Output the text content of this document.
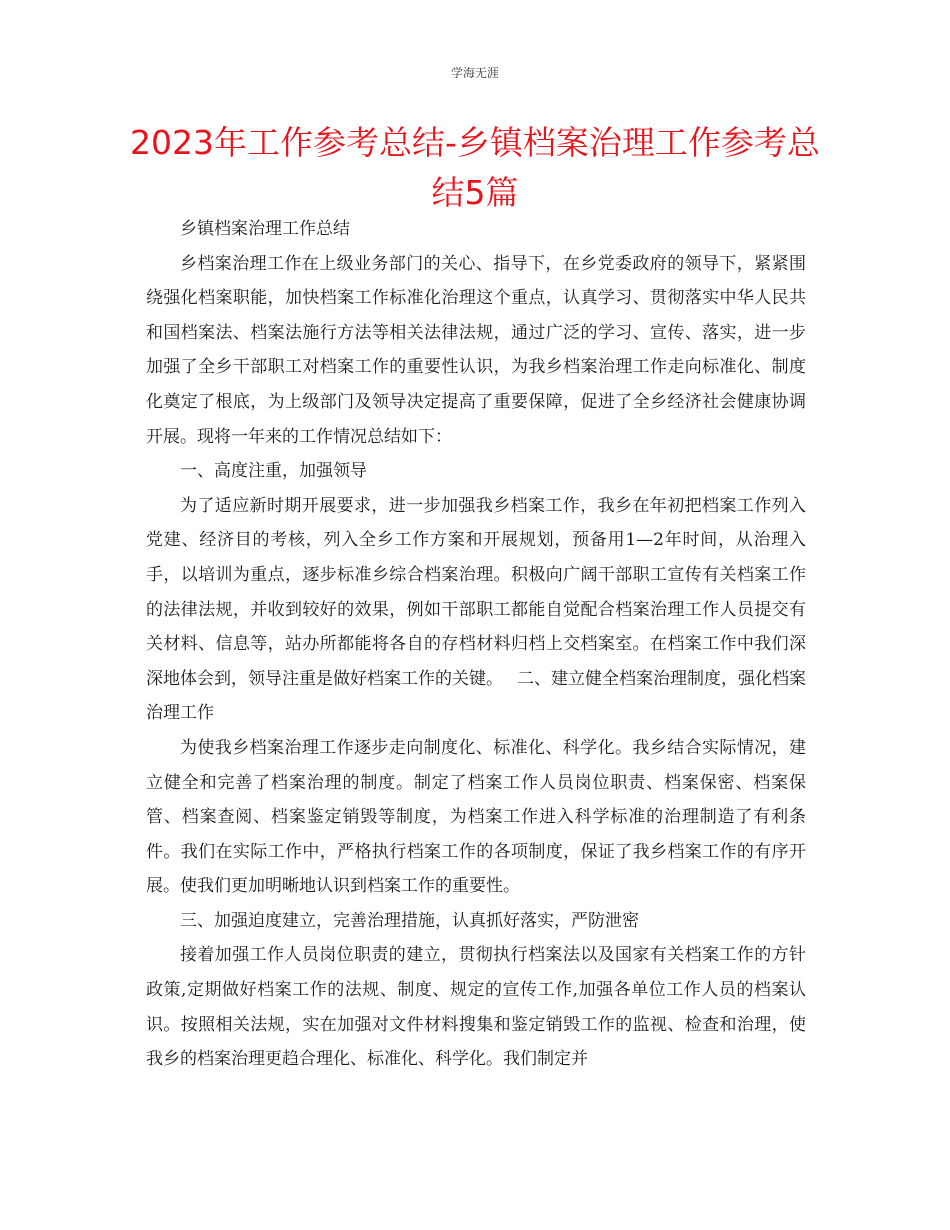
学海无涯
2023年工作参考总结-乡镇档案治理工作参考总结5篇

乡镇档案治理工作总结

乡档案治理工作在上级业务部门的关心、指导下，在乡党委政府的领导下，紧紧围绕强化档案职能，加快档案工作标准化治理这个重点，认真学习、贯彻落实中华人民共和国档案法、档案法施行方法等相关法律法规，通过广泛的学习、宣传、落实，进一步加强了全乡干部职工对档案工作的重要性认识，为我乡档案治理工作走向标准化、制度化奠定了根底，为上级部门及领导决定提高了重要保障，促进了全乡经济社会健康协调开展。现将一年来的工作情况总结如下：

一、高度注重，加强领导

为了适应新时期开展要求，进一步加强我乡档案工作，我乡在年初把档案工作列入党建、经济目的考核，列入全乡工作方案和开展规划，预备用1—2年时间，从治理入手，以培训为重点，逐步标准乡综合档案治理。积极向广阔干部职工宣传有关档案工作的法律法规，并收到较好的效果，例如干部职工都能自觉配合档案治理工作人员提交有关材料、信息等，站办所都能将各自的存档材料归档上交档案室。在档案工作中我们深深地体会到，领导注重是做好档案工作的关键。　 二、建立健全档案治理制度，强化档案治理工作

为使我乡档案治理工作逐步走向制度化、标准化、科学化。我乡结合实际情况，建立健全和完善了档案治理的制度。制定了档案工作人员岗位职责、档案保密、档案保管、档案查阅、档案鉴定销毁等制度，为档案工作进入科学标准的治理制造了有利条件。我们在实际工作中，严格执行档案工作的各项制度，保证了我乡档案工作的有序开展。使我们更加明晰地认识到档案工作的重要性。

三、加强迫度建立，完善治理措施，认真抓好落实，严防泄密

接着加强工作人员岗位职责的建立，贯彻执行档案法以及国家有关档案工作的方针政策,定期做好档案工作的法规、制度、规定的宣传工作,加强各单位工作人员的档案认识。按照相关法规，实在加强对文件材料搜集和鉴定销毁工作的监视、检查和治理，使我乡的档案治理更趋合理化、标准化、科学化。我们制定并
